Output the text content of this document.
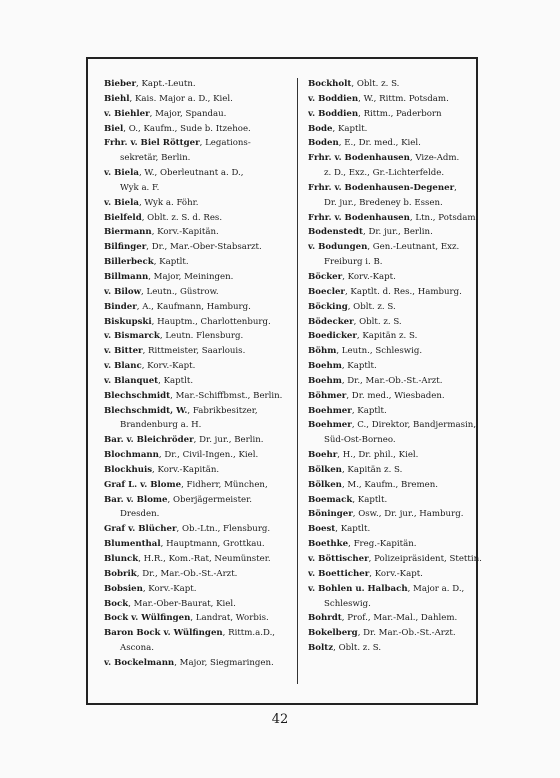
Bieber, Kapt.-Leutn.
Biehl, Kais. Major a. D., Kiel.
v. Biehler, Major, Spandau.
Biel, O., Kaufm., Sude b. Itzehoe.
Frhr. v. Biel Röttger, Legations-
sekretär, Berlin.
v. Biela, W., Oberleutnant a. D.,
Wyk a. F.
v. Biela, Wyk a. Föhr.
Bielfeld, Oblt. z. S. d. Res.
Biermann, Korv.-Kapitän.
Bilfinger, Dr., Mar.-Ober-Stabsarzt.
Billerbeck, Kaptlt.
Billmann, Major, Meiningen.
v. Bilow, Leutn., Güstrow.
Binder, A., Kaufmann, Hamburg.
Biskupski, Hauptm., Charlottenburg.
v. Bismarck, Leutn. Flensburg.
v. Bitter, Rittmeister, Saarlouis.
v. Blanc, Korv.-Kapt.
v. Blanquet, Kaptlt.
Blechschmidt, Mar.-Schiffbmst., Berlin.
Blechschmidt, W., Fabrikbesitzer,
Brandenburg a. H.
Bar. v. Bleichröder, Dr. jur., Berlin.
Blochmann, Dr., Civil-Ingen., Kiel.
Blockhuis, Korv.-Kapitän.
Graf L. v. Blome, Fidherr, München,
Bar. v. Blome, Oberjägermeister.
Dresden.
Graf v. Blücher, Ob.-Ltn., Flensburg.
Blumenthal, Hauptmann, Grottkau.
Blunck, H.R., Kom.-Rat, Neumünster.
Bobrik, Dr., Mar.-Ob.-St.-Arzt.
Bobsien, Korv.-Kapt.
Bock, Mar.-Ober-Baurat, Kiel.
Bock v. Wülfingen, Landrat, Worbis.
Baron Bock v. Wülfingen, Rittm.a.D.,
Ascona.
v. Bockelmann, Major, Siegmaringen.
Bockholt, Oblt. z. S.
v. Boddien, W., Rittm. Potsdam.
v. Boddien, Rittm., Paderborn
Bode, Kaptlt.
Boden, E., Dr. med., Kiel.
Frhr. v. Bodenhausen, Vize-Adm.
z. D., Exz., Gr.-Lichterfelde.
Frhr. v. Bodenhausen-Degener,
Dr. jur., Bredeney b. Essen.
Frhr. v. Bodenhausen, Ltn., Potsdam.
Bodenstedt, Dr. jur., Berlin.
v. Bodungen, Gen.-Leutnant, Exz.
Freiburg i. B.
Böcker, Korv.-Kapt.
Boecler, Kaptlt. d. Res., Hamburg.
Böcking, Oblt. z. S.
Bödecker, Oblt. z. S.
Boedicker, Kapitän z. S.
Böhm, Leutn., Schleswig.
Boehm, Kaptlt.
Boehm, Dr., Mar.-Ob.-St.-Arzt.
Böhmer, Dr. med., Wiesbaden.
Boehmer, Kaptlt.
Boehmer, C., Direktor, Bandjermasin,
Süd-Ost-Borneo.
Boehr, H., Dr. phil., Kiel.
Bölken, Kapitän z. S.
Bölken, M., Kaufm., Bremen.
Boemack, Kaptlt.
Böninger, Osw., Dr. jur., Hamburg.
Boest, Kaptlt.
Boethke, Freg.-Kapitän.
v. Böttischer, Polizeipräsident, Stettin.
v. Boetticher, Korv.-Kapt.
v. Bohlen u. Halbach, Major a. D.,
Schleswig.
Bohrdt, Prof., Mar.-Mal., Dahlem.
Bokelberg, Dr. Mar.-Ob.-St.-Arzt.
Boltz, Oblt. z. S.
42
